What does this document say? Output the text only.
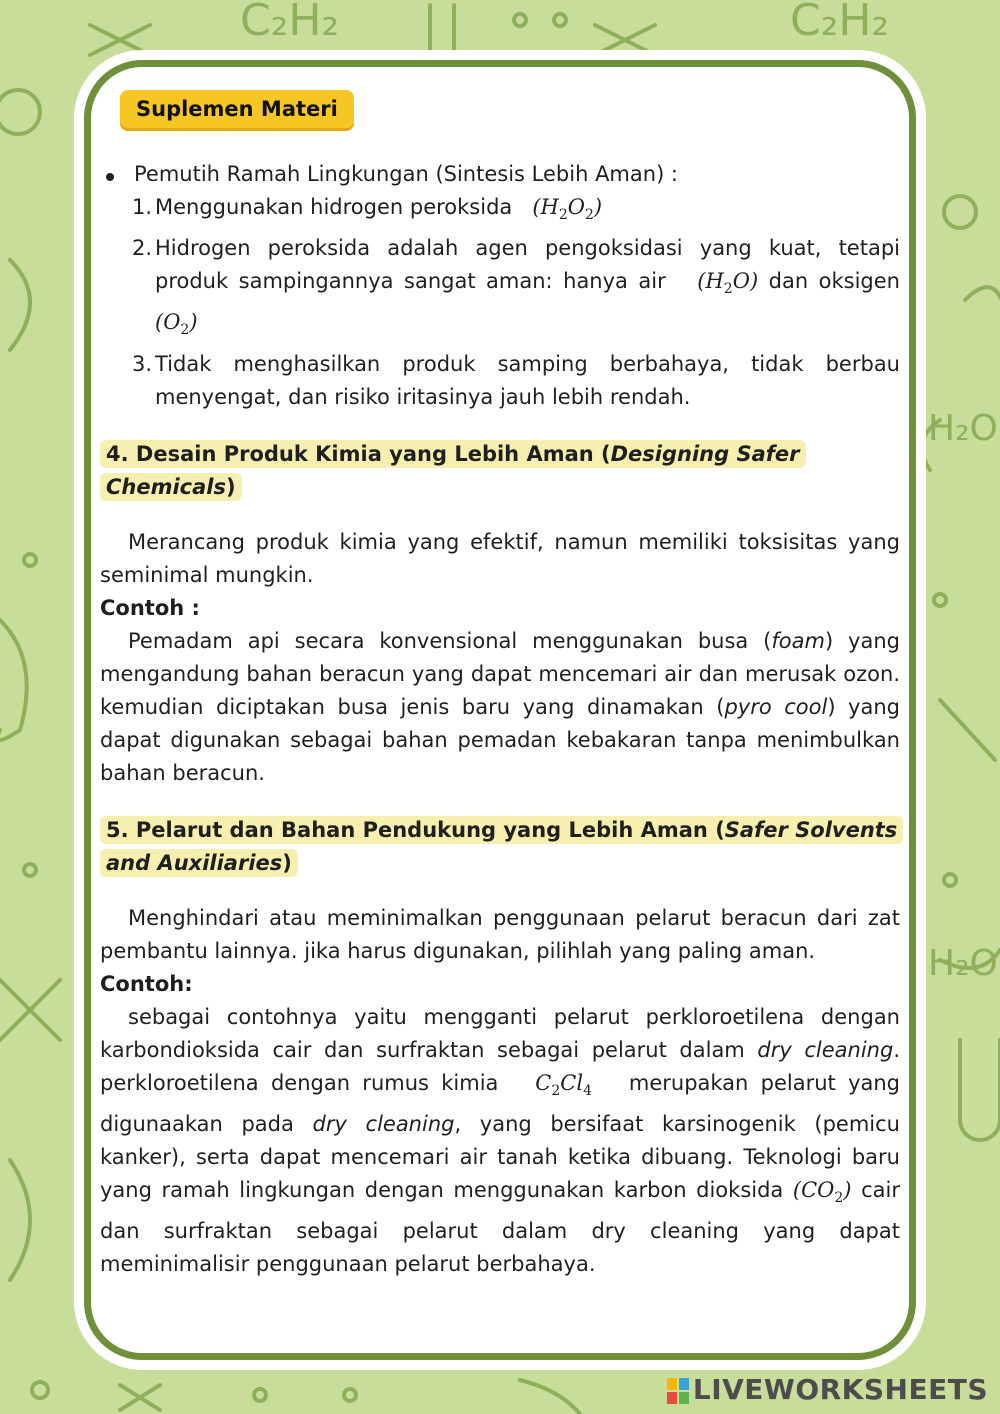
C₂H₂	C₂H₂
H₂O
H₂O
Suplemen Materi
Pemutih Ramah Lingkungan (Sintesis Lebih Aman) :
1. Menggunakan hidrogen peroksida $(H_2O_2)$
2. Hidrogen peroksida adalah agen pengoksidasi yang kuat, tetapi produk sampingannya sangat aman: hanya air $(H_2O)$ dan oksigen $(O_2)$
3. Tidak menghasilkan produk samping berbahaya, tidak berbau menyengat, dan risiko iritasinya jauh lebih rendah.
4. Desain Produk Kimia yang Lebih Aman (Designing Safer Chemicals)
Merancang produk kimia yang efektif, namun memiliki toksisitas yang seminimal mungkin.
Contoh :
Pemadam api secara konvensional menggunakan busa (foam) yang mengandung bahan beracun yang dapat mencemari air dan merusak ozon. kemudian diciptakan busa jenis baru yang dinamakan (pyro cool) yang dapat digunakan sebagai bahan pemadan kebakaran tanpa menimbulkan bahan beracun.
5. Pelarut dan Bahan Pendukung yang Lebih Aman (Safer Solvents and Auxiliaries)
Menghindari atau meminimalkan penggunaan pelarut beracun dari zat pembantu lainnya. jika harus digunakan, pilihlah yang paling aman.
Contoh:
sebagai contohnya yaitu mengganti pelarut perkloroetilena dengan karbondioksida cair dan surfraktan sebagai pelarut dalam dry cleaning. perkloroetilena dengan rumus kimia $C_2Cl_4$ merupakan pelarut yang digunaakan pada dry cleaning, yang bersifaat karsinogenik (pemicu kanker), serta dapat mencemari air tanah ketika dibuang. Teknologi baru yang ramah lingkungan dengan menggunakan karbon dioksida $(CO_2)$ cair dan surfraktan sebagai pelarut dalam dry cleaning yang dapat meminimalisir penggunaan pelarut berbahaya.
LIVEWORKSHEETS
